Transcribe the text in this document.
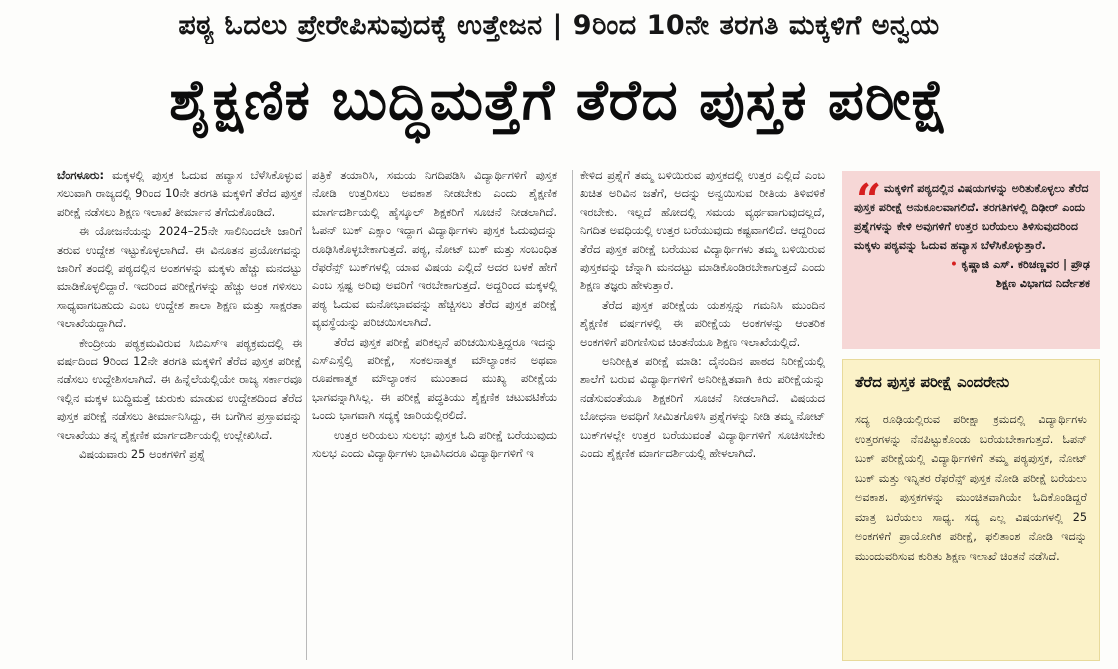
ಪಠ್ಯ ಓದಲು ಪ್ರೇರೇಪಿಸುವುದಕ್ಕೆ ಉತ್ತೇಜನ | 9ರಿಂದ 10ನೇ ತರಗತಿ ಮಕ್ಕಳಿಗೆ ಅನ್ವಯ
ಶೈಕ್ಷಣಿಕ ಬುದ್ಧಿಮತ್ತೆಗೆ ತೆರೆದ ಪುಸ್ತಕ ಪರೀಕ್ಷೆ

ಬೆಂಗಳೂರು: ಮಕ್ಕಳಲ್ಲಿ ಪುಸ್ತಕ ಓದುವ ಹವ್ಯಾಸ ಬೆಳೆಸಿಕೊಳ್ಳುವ ಸಲುವಾಗಿ ರಾಜ್ಯದಲ್ಲಿ 9ರಿಂದ 10ನೇ ತರಗತಿ ಮಕ್ಕಳಿಗೆ ತೆರೆದ ಪುಸ್ತಕ ಪರೀಕ್ಷೆ ನಡೆಸಲು ಶಿಕ್ಷಣ ಇಲಾಖೆ ತೀರ್ಮಾನ ತೆಗೆದುಕೊಂಡಿದೆ.

ಈ ಯೋಜನೆಯನ್ನು 2024–25ನೇ ಸಾಲಿನಿಂದಲೇ ಜಾರಿಗೆ ತರುವ ಉದ್ದೇಶ ಇಟ್ಟುಕೊಳ್ಳಲಾಗಿದೆ. ಈ ವಿನೂತನ ಪ್ರಯೋಗವನ್ನು ಜಾರಿಗೆ ತಂದಲ್ಲಿ ಪಠ್ಯದಲ್ಲಿನ ಅಂಶಗಳನ್ನು ಮಕ್ಕಳು ಹೆಚ್ಚು ಮನದಟ್ಟು ಮಾಡಿಕೊಳ್ಳಲಿದ್ದಾರೆ. ಇದರಿಂದ ಪರೀಕ್ಷೆಗಳನ್ನು ಹೆಚ್ಚು ಅಂಕ ಗಳಿಸಲು ಸಾಧ್ಯವಾಗಬಹುದು ಎಂಬ ಉದ್ದೇಶ ಶಾಲಾ ಶಿಕ್ಷಣ ಮತ್ತು ಸಾಕ್ಷರತಾ ಇಲಾಖೆಯದ್ದಾಗಿದೆ.

ಕೇಂದ್ರೀಯ ಪಠ್ಯಕ್ರಮವಿರುವ ಸಿಬಿಎಸ್‌ಇ ಪಠ್ಯಕ್ರಮದಲ್ಲಿ ಈ ವರ್ಷದಿಂದ 9ರಿಂದ 12ನೇ ತರಗತಿ ಮಕ್ಕಳಿಗೆ ತೆರೆದ ಪುಸ್ತಕ ಪರೀಕ್ಷೆ ನಡೆಸಲು ಉದ್ದೇಶಿಸಲಾಗಿದೆ. ಈ ಹಿನ್ನೆಲೆಯಲ್ಲಿಯೇ ರಾಜ್ಯ ಸರ್ಕಾರವೂ ಇಲ್ಲಿನ ಮಕ್ಕಳ ಬುದ್ಧಿಮತ್ತೆ ಚುರುಕು ಮಾಡುವ ಉದ್ದೇಶದಿಂದ ತೆರೆದ ಪುಸ್ತಕ ಪರೀಕ್ಷೆ ನಡೆಸಲು ತೀರ್ಮಾನಿಸಿದ್ದು, ಈ ಬಗೆಗಿನ ಪ್ರಸ್ತಾವವನ್ನು ಇಲಾಖೆಯು ತನ್ನ ಶೈಕ್ಷಣಿಕ ಮಾರ್ಗದರ್ಶಿಯಲ್ಲಿ ಉಲ್ಲೇಖಿಸಿದೆ.

ವಿಷಯವಾರು 25 ಅಂಕಗಳಿಗೆ ಪ್ರಶ್ನೆ

ಪತ್ರಿಕೆ ತಯಾರಿಸಿ, ಸಮಯ ನಿಗದಿಪಡಿಸಿ ವಿದ್ಯಾರ್ಥಿಗಳಿಗೆ ಪುಸ್ತಕ ನೋಡಿ ಉತ್ತರಿಸಲು ಅವಕಾಶ ನೀಡಬೇಕು ಎಂದು ಶೈಕ್ಷಣಿಕ ಮಾರ್ಗದರ್ಶಿಯಲ್ಲಿ ಹೈಸ್ಕೂಲ್ ಶಿಕ್ಷಕರಿಗೆ ಸೂಚನೆ ನೀಡಲಾಗಿದೆ. ಓಪನ್ ಬುಕ್ ಎಕ್ಸಾಂ ಇದ್ದಾಗ ವಿದ್ಯಾರ್ಥಿಗಳು ಪುಸ್ತಕ ಓದುವುದನ್ನು ರೂಢಿಸಿಕೊಳ್ಳಬೇಕಾಗುತ್ತದೆ. ಪಠ್ಯ, ನೋಟ್ ಬುಕ್ ಮತ್ತು ಸಂಬಂಧಿತ ರೆಫರೆನ್ಸ್ ಬುಕ್‌ಗಳಲ್ಲಿ ಯಾವ ವಿಷಯ ಎಲ್ಲಿದೆ ಅದರ ಬಳಕೆ ಹೇಗೆ ಎಂಬ ಸ್ಪಷ್ಟ ಅರಿವು ಅವರಿಗೆ ಇರಬೇಕಾಗುತ್ತದೆ. ಅದ್ದರಿಂದ ಮಕ್ಕಳಲ್ಲಿ ಪಠ್ಯ ಓದುವ ಮನೋಭಾವವನ್ನು ಹೆಚ್ಚಿಸಲು ತೆರೆದ ಪುಸ್ತಕ ಪರೀಕ್ಷೆ ವ್ಯವಸ್ಥೆಯನ್ನು ಪರಿಚಯಿಸಲಾಗಿದೆ.

ತೆರೆದ ಪುಸ್ತಕ ಪರೀಕ್ಷೆ ಪರಿಕಲ್ಪನೆ ಪರಿಚಯಿಸುತ್ತಿದ್ದರೂ ಇದನ್ನು ಎಸ್‌ಎಸ್ಸೆಲ್ಸಿ ಪರೀಕ್ಷೆ, ಸಂಕಲನಾತ್ಮಕ ಮೌಲ್ಯಾಂಕನ ಅಥವಾ ರೂಪಣಾತ್ಮಕ ಮೌಲ್ಯಾಂಕನ ಮುಂತಾದ ಮುಖ್ಯ ಪರೀಕ್ಷೆಯ ಭಾಗವನ್ನಾಗಿಸಿಲ್ಲ. ಈ ಪರೀಕ್ಷೆ ಪದ್ಧತಿಯು ಶೈಕ್ಷಣಿಕ ಚಟುವಟಿಕೆಯ ಒಂದು ಭಾಗವಾಗಿ ಸದ್ಯಕ್ಕೆ ಜಾರಿಯಲ್ಲಿರಲಿದೆ.

ಉತ್ತರ ಅರಿಯಲು ಸುಲಭ: ಪುಸ್ತಕ ಓದಿ ಪರೀಕ್ಷೆ ಬರೆಯುವುದು ಸುಲಭ ಎಂದು ವಿದ್ಯಾರ್ಥಿಗಳು ಭಾವಿಸಿದರೂ ವಿದ್ಯಾರ್ಥಿಗಳಿಗೆ ಇ

ಕೇಳಿದ ಪ್ರಶ್ನೆಗೆ ತಮ್ಮ ಬಳಿಯಿರುವ ಪುಸ್ತಕದಲ್ಲಿ ಉತ್ತರ ಎಲ್ಲಿದೆ ಎಂಬ ಖಚಿತ ಅರಿವಿನ ಜತೆಗೆ, ಅದನ್ನು ಅನ್ವಯಿಸುವ ರೀತಿಯ ತಿಳಿವಳಿಕೆ ಇರಬೇಕು. ಇಲ್ಲದೆ ಹೋದಲ್ಲಿ ಸಮಯ ವ್ಯರ್ಥವಾಗುವುದಲ್ಲದೆ, ನಿಗದಿತ ಅವಧಿಯಲ್ಲಿ ಉತ್ತರ ಬರೆಯುವುದು ಕಷ್ಟವಾಗಲಿದೆ. ಆದ್ದರಿಂದ ತೆರೆದ ಪುಸ್ತಕ ಪರೀಕ್ಷೆ ಬರೆಯುವ ವಿದ್ಯಾರ್ಥಿಗಳು ತಮ್ಮ ಬಳಿಯಿರುವ ಪುಸ್ತಕವನ್ನು ಚೆನ್ನಾಗಿ ಮನದಟ್ಟು ಮಾಡಿಕೊಂಡಿರಬೇಕಾಗುತ್ತದೆ ಎಂದು ಶಿಕ್ಷಣ ತಜ್ಞರು ಹೇಳುತ್ತಾರೆ.

ತೆರೆದ ಪುಸ್ತಕ ಪರೀಕ್ಷೆಯ ಯಶಸ್ಸನ್ನು ಗಮನಿಸಿ ಮುಂದಿನ ಶೈಕ್ಷಣಿಕ ವರ್ಷಗಳಲ್ಲಿ ಈ ಪರೀಕ್ಷೆಯ ಅಂಕಗಳನ್ನು ಆಂತರಿಕ ಅಂಕಗಳಿಗೆ ಪರಿಗಣಿಸುವ ಚಿಂತನೆಯೂ ಶಿಕ್ಷಣ ಇಲಾಖೆಯಲ್ಲಿದೆ.

ಅನಿರೀಕ್ಷಿತ ಪರೀಕ್ಷೆ ಮಾಡಿ: ದೈನಂದಿನ ಪಾಠದ ನಿರೀಕ್ಷೆಯಲ್ಲಿ ಶಾಲೆಗೆ ಬರುವ ವಿದ್ಯಾರ್ಥಿಗಳಿಗೆ ಅನಿರೀಕ್ಷಿತವಾಗಿ ಕಿರು ಪರೀಕ್ಷೆಯನ್ನು ನಡೆಸುವಂತೆಯೂ ಶಿಕ್ಷಕರಿಗೆ ಸೂಚನೆ ನೀಡಲಾಗಿದೆ. ವಿಷಯದ ಬೋಧನಾ ಅವಧಿಗೆ ಸೀಮಿತಗೊಳಿಸಿ ಪ್ರಶ್ನೆಗಳನ್ನು ನೀಡಿ ತಮ್ಮ ನೋಟ್ ಬುಕ್‌ಗಳಲ್ಲೇ ಉತ್ತರ ಬರೆಯುವಂತೆ ವಿದ್ಯಾರ್ಥಿಗಳಿಗೆ ಸೂಚಿಸಬೇಕು ಎಂದು ಶೈಕ್ಷಣಿಕ ಮಾರ್ಗದರ್ಶಿಯಲ್ಲಿ ಹೇಳಲಾಗಿದೆ.

“ ಮಕ್ಕಳಿಗೆ ಪಠ್ಯದಲ್ಲಿನ ವಿಷಯಗಳನ್ನು ಅರಿತುಕೊಳ್ಳಲು ತೆರೆದ ಪುಸ್ತಕ ಪರೀಕ್ಷೆ ಅನುಕೂಲವಾಗಲಿದೆ. ತರಗತಿಗಳಲ್ಲಿ ದಿಢೀರ್ ಎಂದು ಪ್ರಶ್ನೆಗಳನ್ನು ಕೇಳಿ ಅವುಗಳಿಗೆ ಉತ್ತರ ಬರೆಯಲು ತಿಳಿಸುವುದರಿಂದ ಮಕ್ಕಳು ಪಠ್ಯವನ್ನು ಓದುವ ಹವ್ಯಾಸ ಬೆಳೆಸಿಕೊಳ್ಳುತ್ತಾರೆ.

• ಕೃಷ್ಣಾಜಿ ಎಸ್. ಕರಿಚಣ್ಣವರ | ಪ್ರೌಢ
ಶಿಕ್ಷಣ ವಿಭಾಗದ ನಿರ್ದೇಶಕ

ತೆರೆದ ಪುಸ್ತಕ ಪರೀಕ್ಷೆ ಎಂದರೇನು

ಸದ್ಯ ರೂಢಿಯಲ್ಲಿರುವ ಪರೀಕ್ಷಾ ಕ್ರಮದಲ್ಲಿ ವಿದ್ಯಾರ್ಥಿಗಳು ಉತ್ತರಗಳನ್ನು ನೆನಪಿಟ್ಟುಕೊಂಡು ಬರೆಯಬೇಕಾಗುತ್ತದೆ. ಓಪನ್ ಬುಕ್ ಪರೀಕ್ಷೆಯಲ್ಲಿ ವಿದ್ಯಾರ್ಥಿಗಳಿಗೆ ತಮ್ಮ ಪಠ್ಯಪುಸ್ತಕ, ನೋಟ್ ಬುಕ್ ಮತ್ತು ಇನ್ನಿತರ ರೆಫರೆನ್ಸ್ ಪುಸ್ತಕ ನೋಡಿ ಪರೀಕ್ಷೆ ಬರೆಯಲು ಅವಕಾಶ. ಪುಸ್ತಕಗಳನ್ನು ಮುಂಚಿತವಾಗಿಯೇ ಓದಿಕೊಂಡಿದ್ದರೆ ಮಾತ್ರ ಬರೆಯಲು ಸಾಧ್ಯ. ಸದ್ಯ ಎಲ್ಲ ವಿಷಯಗಳಲ್ಲಿ 25 ಅಂಕಗಳಿಗೆ ಪ್ರಾಯೋಗಿಕ ಪರೀಕ್ಷೆ, ಫಲಿತಾಂಶ ನೋಡಿ ಇದನ್ನು ಮುಂದುವರಿಸುವ ಕುರಿತು ಶಿಕ್ಷಣ ಇಲಾಖೆ ಚಿಂತನೆ ನಡೆಸಿದೆ.
